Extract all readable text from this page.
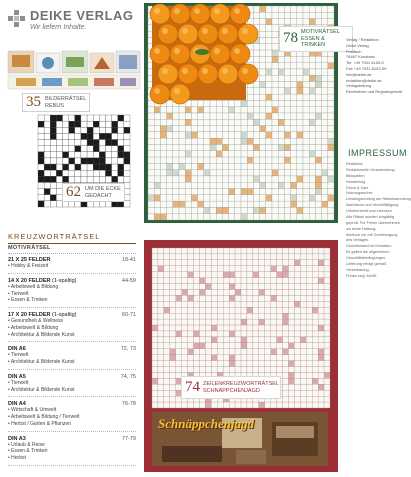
DEIKE VERLAG
Wir liefern Inhalte.
35 BILDERRÄTSEL
REBUS
62 UM DIE ECKE
GEDACHT
KREUZWORTRÄTSEL
MOTIVRÄTSEL
21 X 25 FELDER	18-41
• Hobby & Freizeit
14 X 20 FELDER (1-spaltig)	44-59
• Arbeitswelt & Bildung
• Tierwelt
• Essen & Trinken
17 X 20 FELDER (1-spaltig)	60-71
• Gesundheit & Wellness
• Arbeitswelt & Bildung
• Architektur & Bildende Kunst
DIN A6	72, 73
• Tierwelt
• Architektur & Bildende Kunst
DIN A5	74, 75
• Tierwelt
• Architektur & Bildende Kunst
DIN A4	76-78
• Wirtschaft & Umwelt
• Arbeitswelt & Bildung / Tierwelt
• Herbst / Garten & Pflanzen
DIN A3	77-79
• Urlaub & Reise
• Essen & Trinken
• Herbst
78 MOTIVRÄTSEL
ESSEN & TRINKEN
74 ZEILENKREUZWORTRÄTSEL
SCHNÄPPCHENJAGD
Schnäppchenjagd
Verlag / Redaktion
Deike Verlag
Postfach
78467 Konstanz
Tel. +49 7531 8153-0
Fax +49 7531 8153-99
info@deike.de
redaktion@deike.de
Verlagsleitung
Rechtsform und Registergericht
IMPRESSUM
Redaktion
Redaktionelle Verantwortung
Bildquellen
Herstellung
Druck & Satz
Nutzungsrechte
Leistungsumfang der Rätselsammlung
Nachdruck und Vervielfältigung
Urheberrecht und Lizenzen
Alle Rätsel wurden sorgfältig
geprüft. Für Fehler übernehmen
wir keine Haftung.
Abdruck nur mit Genehmigung
des Verlages.
Gerichtsstand ist Konstanz.
Es gelten die allgemeinen
Geschäftsbedingungen.
Lieferung erfolgt gemäß
Vereinbarung.
Preise zzgl. MwSt.
